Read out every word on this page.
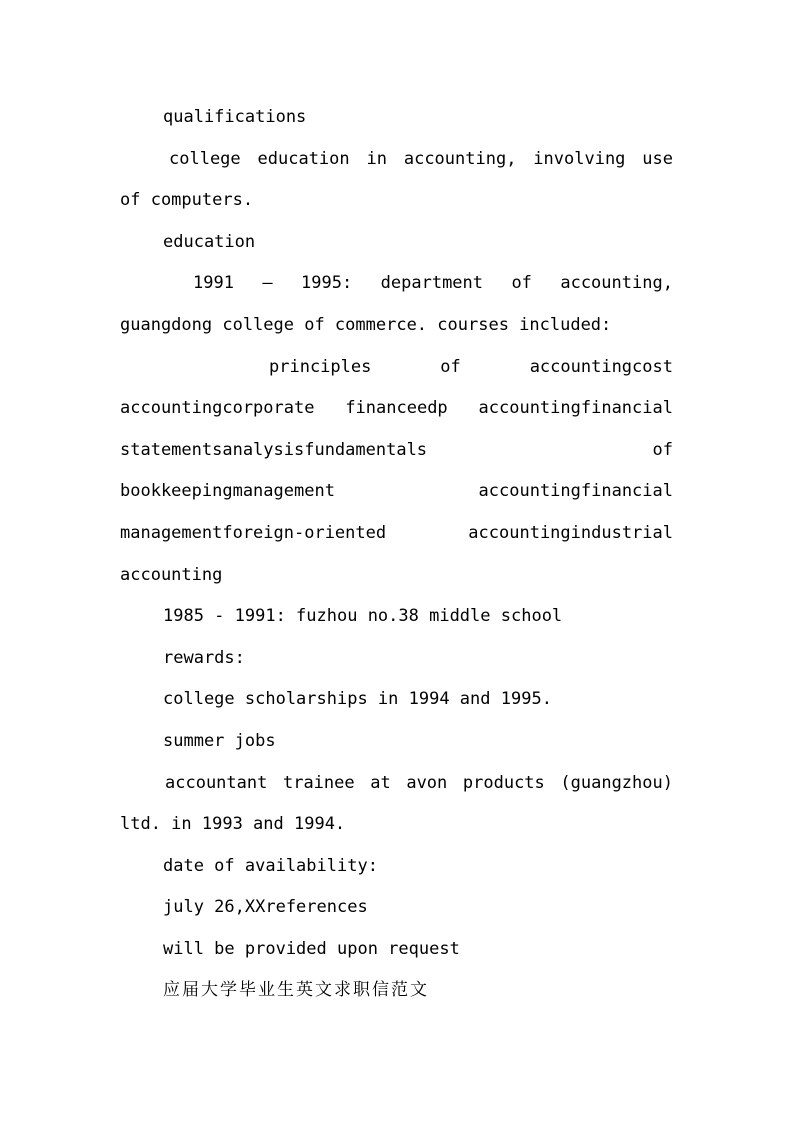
qualifications
college education in accounting, involving use
of computers.
education
1991 – 1995: department of accounting,
guangdong college of commerce. courses included:
principles	of	accountingcost
accountingcorporate financeedp accountingfinancial
statementsanalysisfundamentals	of
bookkeepingmanagement	accountingfinancial
managementforeign-oriented	accountingindustrial
accounting
1985 - 1991: fuzhou no.38 middle school
rewards:
college scholarships in 1994 and 1995.
summer jobs
accountant trainee at avon products (guangzhou)
ltd. in 1993 and 1994.
date of availability:
july 26,XXreferences
will be provided upon request
应届大学毕业生英文求职信范文
